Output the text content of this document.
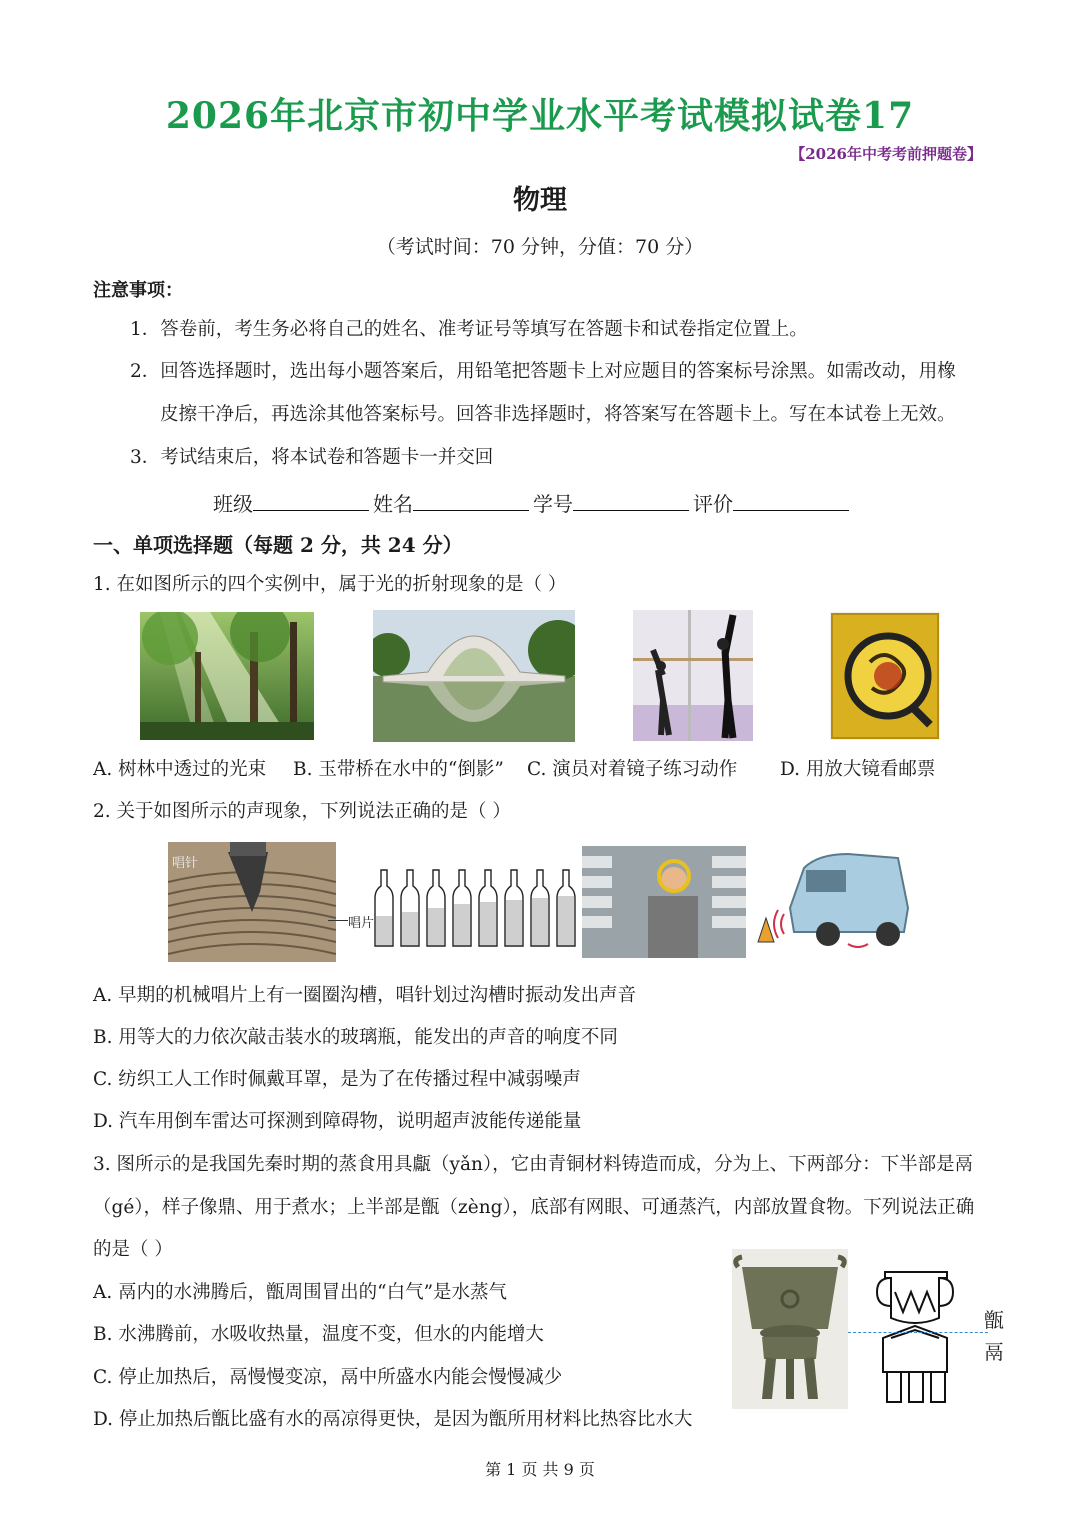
2026年北京市初中学业水平考试模拟试卷17
【2026年中考考前押题卷】
物理
（考试时间：70 分钟，分值：70 分）
注意事项：
1．答卷前，考生务必将自己的姓名、准考证号等填写在答题卡和试卷指定位置上。
2．回答选择题时，选出每小题答案后，用铅笔把答题卡上对应题目的答案标号涂黑。如需改动，用橡
皮擦干净后，再选涂其他答案标号。回答非选择题时，将答案写在答题卡上。写在本试卷上无效。
3．考试结束后，将本试卷和答题卡一并交回
班级	姓名	学号	评价
一、单项选择题（每题 2 分，共 24 分）
1. 在如图所示的四个实例中，属于光的折射现象的是（ ）
A. 树林中透过的光束 B. 玉带桥在水中的“倒影” C. 演员对着镜子练习动作 D. 用放大镜看邮票
2. 关于如图所示的声现象，下列说法正确的是（ ）
唱针
唱片
A. 早期的机械唱片上有一圈圈沟槽，唱针划过沟槽时振动发出声音
B. 用等大的力依次敲击装水的玻璃瓶，能发出的声音的响度不同
C. 纺织工人工作时佩戴耳罩，是为了在传播过程中减弱噪声
D. 汽车用倒车雷达可探测到障碍物，说明超声波能传递能量
3. 图所示的是我国先秦时期的蒸食用具甗（yǎn），它由青铜材料铸造而成，分为上、下两部分：下半部是鬲
（gé），样子像鼎、用于煮水；上半部是甑（zèng），底部有网眼、可通蒸汽，内部放置食物。下列说法正确
的是（ ）
甑
鬲
A. 鬲内的水沸腾后，甑周围冒出的“白气”是水蒸气
B. 水沸腾前，水吸收热量，温度不变，但水的内能增大
C. 停止加热后，鬲慢慢变凉，鬲中所盛水内能会慢慢减少
D. 停止加热后甑比盛有水的鬲凉得更快，是因为甑所用材料比热容比水大
第 1 页 共 9 页
